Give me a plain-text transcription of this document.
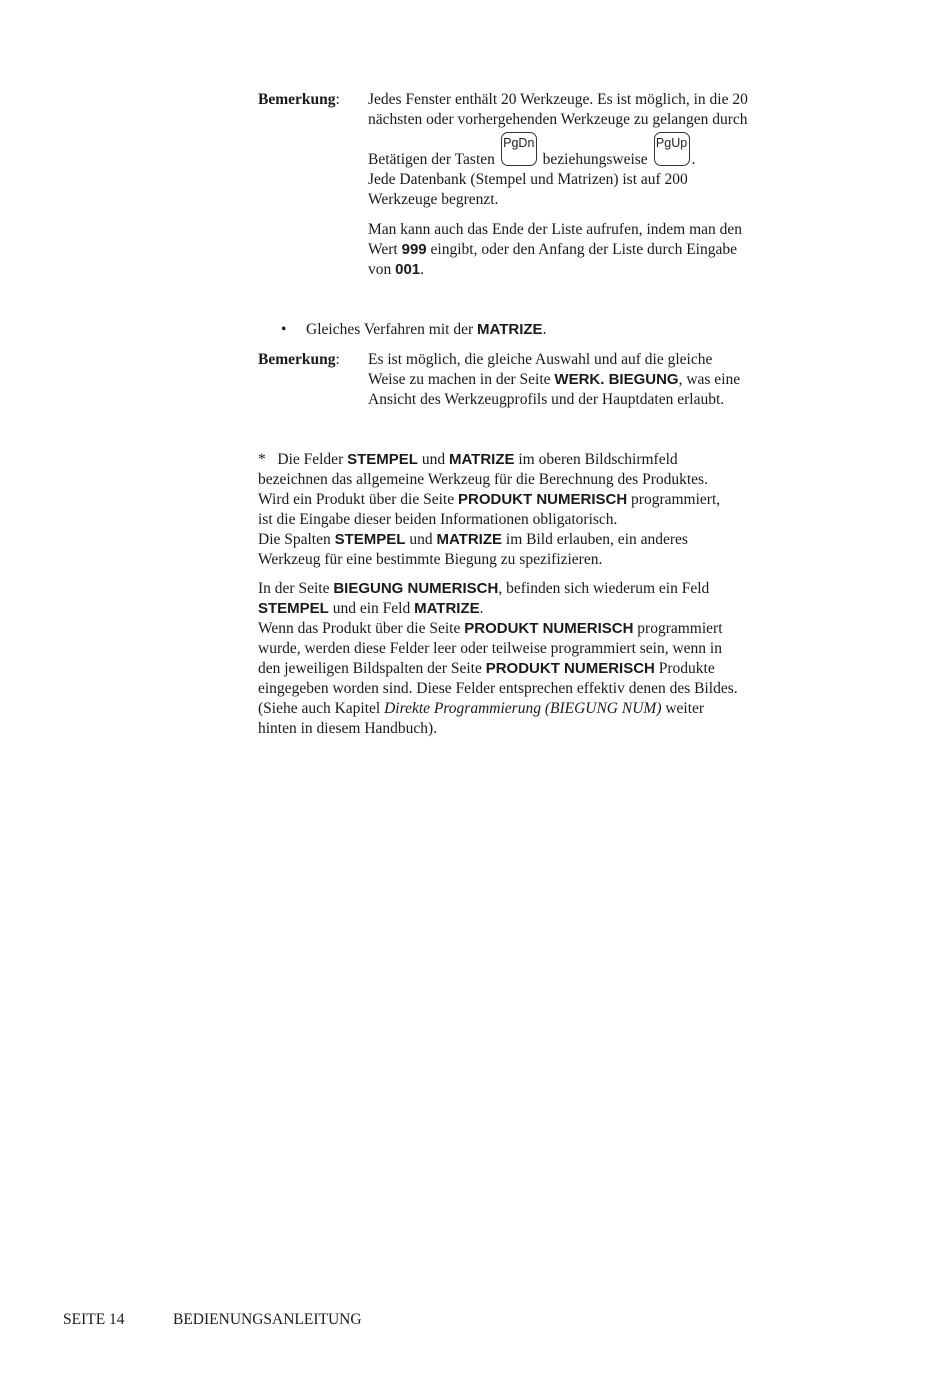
Bemerkung: Jedes Fenster enthält 20 Werkzeuge. Es ist möglich, in die 20

nächsten oder vorhergehenden Werkzeuge zu gelangen durch

Betätigen der Tasten
PgDn
beziehungsweise
PgUp
.

Jede Datenbank (Stempel und Matrizen) ist auf 200

Werkzeuge begrenzt.

Man kann auch das Ende der Liste aufrufen, indem man den

Wert 999 eingibt, oder den Anfang der Liste durch Eingabe

von 001.

• Gleiches Verfahren mit der MATRIZE.
Bemerkung: Es ist möglich, die gleiche Auswahl und auf die gleiche

Weise zu machen in der Seite WERK. BIEGUNG, was eine

Ansicht des Werkzeugprofils und der Hauptdaten erlaubt.

*   Die Felder STEMPEL und MATRIZE im oberen Bildschirmfeld

bezeichnen das allgemeine Werkzeug für die Berechnung des Produktes.

Wird ein Produkt über die Seite PRODUKT NUMERISCH programmiert,

ist die Eingabe dieser beiden Informationen obligatorisch.

Die Spalten STEMPEL und MATRIZE im Bild erlauben, ein anderes

Werkzeug für eine bestimmte Biegung zu spezifizieren.

In der Seite BIEGUNG NUMERISCH, befinden sich wiederum ein Feld

STEMPEL und ein Feld MATRIZE.

Wenn das Produkt über die Seite PRODUKT NUMERISCH programmiert

wurde, werden diese Felder leer oder teilweise programmiert sein, wenn in

den jeweiligen Bildspalten der Seite PRODUKT NUMERISCH Produkte

eingegeben worden sind. Diese Felder entsprechen effektiv denen des Bildes.

(Siehe auch Kapitel Direkte Programmierung (BIEGUNG NUM) weiter

hinten in diesem Handbuch).

SEITE 14	BEDIENUNGSANLEITUNG
